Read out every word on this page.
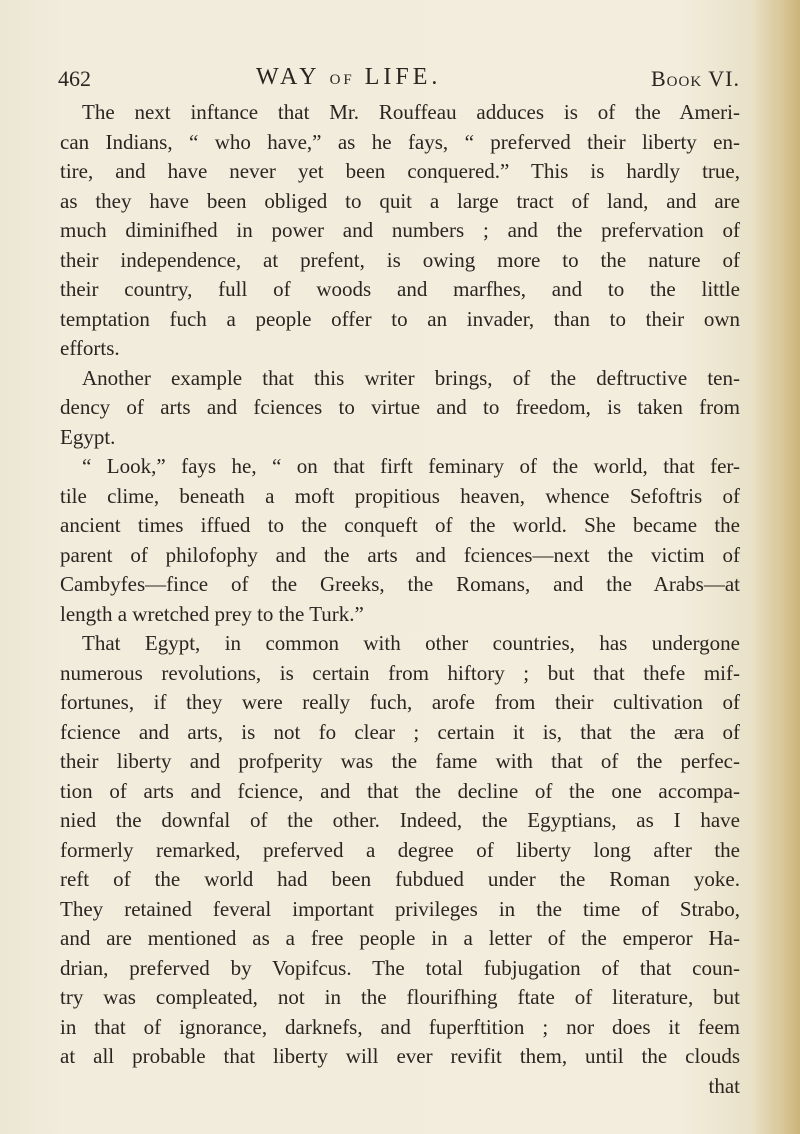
462	WAY OF LIFE.	Book VI.
The next inftance that Mr. Rouffeau adduces is of the Ameri-
can Indians, “ who have,” as he fays, “ preferved their liberty en-
tire, and have never yet been conquered.” This is hardly true,
as they have been obliged to quit a large tract of land, and are
much diminifhed in power and numbers ; and the prefervation of
their independence, at prefent, is owing more to the nature of
their country, full of woods and marfhes, and to the little
temptation fuch a people offer to an invader, than to their own
efforts.
Another example that this writer brings, of the deftructive ten-
dency of arts and fciences to virtue and to freedom, is taken from
Egypt.
“ Look,” fays he, “ on that firft feminary of the world, that fer-
tile clime, beneath a moft propitious heaven, whence Sefoftris of
ancient times iffued to the conqueft of the world. She became the
parent of philofophy and the arts and fciences—next the victim of
Cambyfes—fince of the Greeks, the Romans, and the Arabs—at
length a wretched prey to the Turk.”
That Egypt, in common with other countries, has undergone
numerous revolutions, is certain from hiftory ; but that thefe mif-
fortunes, if they were really fuch, arofe from their cultivation of
fcience and arts, is not fo clear ; certain it is, that the æra of
their liberty and profperity was the fame with that of the perfec-
tion of arts and fcience, and that the decline of the one accompa-
nied the downfal of the other. Indeed, the Egyptians, as I have
formerly remarked, preferved a degree of liberty long after the
reft of the world had been fubdued under the Roman yoke.
They retained feveral important privileges in the time of Strabo,
and are mentioned as a free people in a letter of the emperor Ha-
drian, preferved by Vopifcus. The total fubjugation of that coun-
try was compleated, not in the flourifhing ftate of literature, but
in that of ignorance, darknefs, and fuperftition ; nor does it feem
at all probable that liberty will ever revifit them, until the clouds
that
